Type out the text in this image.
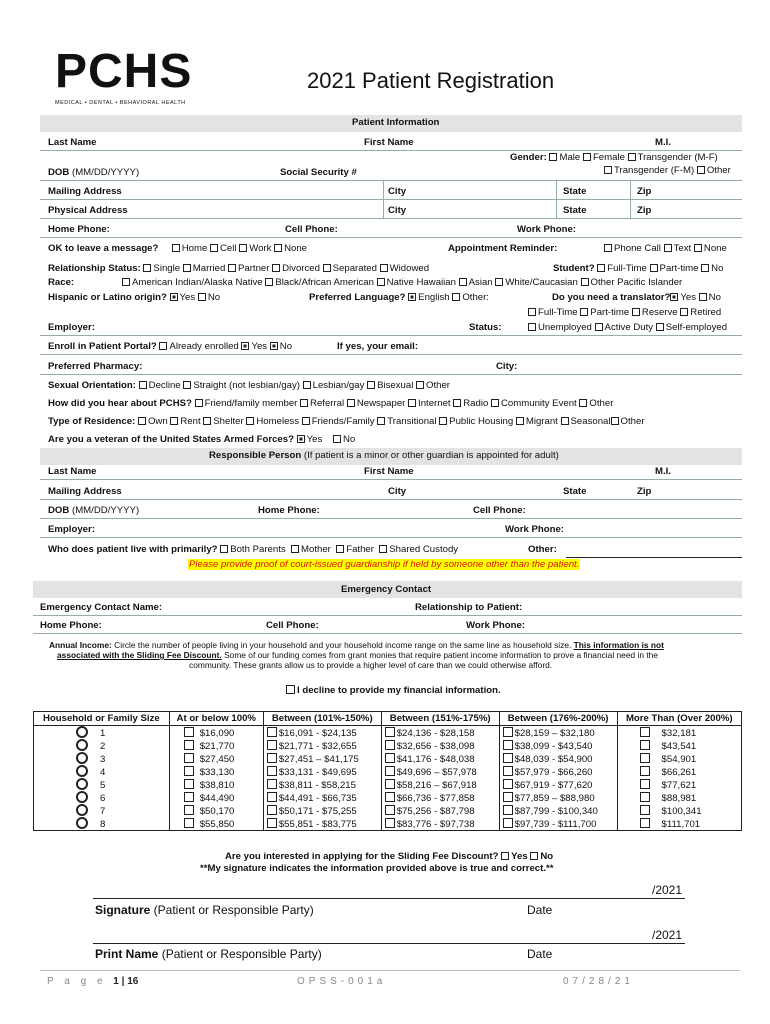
PCHS
MEDICAL • DENTAL • BEHAVIORAL HEALTH
2021 Patient Registration
Patient Information
Last Name	First Name	M.I.
Gender: Male Female Transgender (M-F)
Transgender (F-M) Other
DOB (MM/DD/YYYY)	Social Security #
Mailing Address	City	State	Zip
Physical Address	City	State	Zip
Home Phone:	Cell Phone:	Work Phone:
OK to leave a message? Home Cell Work None	Appointment Reminder:	Phone Call Text None
Relationship Status: Single Married Partner Divorced Separated Widowed	Student? Full-Time Part-time No
Race:	American Indian/Alaska Native Black/African American Native Hawaiian Asian White/Caucasian Other Pacific Islander
Hispanic or Latino origin? Yes No	Preferred Language? English Other:	Do you need a translator? Yes No
Full-Time Part-time Reserve Retired
Employer:	Status:	Unemployed Active Duty Self-employed
Enroll in Patient Portal? Already enrolled Yes No	If yes, your email:
Preferred Pharmacy:	City:
Sexual Orientation: Decline Straight (not lesbian/gay) Lesbian/gay Bisexual Other
How did you hear about PCHS? Friend/family member Referral Newspaper Internet Radio Community Event Other
Type of Residence: Own Rent Shelter Homeless Friends/Family Transitional Public Housing Migrant Seasonal Other
Are you a veteran of the United States Armed Forces? Yes No
Responsible Person (If patient is a minor or other guardian is appointed for adult)
Last Name	First Name	M.I.
Mailing Address	City	State	Zip
DOB (MM/DD/YYYY)	Home Phone:	Cell Phone:
Employer:	Work Phone:
Who does patient live with primarily? Both Parents Mother Father Shared Custody	Other:
Please provide proof of court-issued guardianship if held by someone other than the patient.
Emergency Contact
Emergency Contact Name:	Relationship to Patient:
Home Phone:	Cell Phone:	Work Phone:
Annual Income: Circle the number of people living in your household and your household income range on the same line as household size. This information is not
associated with the Sliding Fee Discount. Some of our funding comes from grant monies that require patient income information to prove a financial need in the
community. These grants allow us to provide a higher level of care than we could otherwise afford.
I decline to provide my financial information.
Household or Family Size	At or below 100%	Between (101%-150%)	Between (151%-175%)	Between (176%-200%)	More Than (Over 200%)
1	$16,090	$16,091 - $24,135	$24,136 - $28,158	$28,159 – $32,180	$32,181
2	$21,770	$21,771 - $32,655	$32,656 - $38,098	$38,099 - $43,540	$43,541
3	$27,450	$27,451 – $41,175	$41,176 - $48,038	$48,039 - $54,900	$54,901
4	$33,130	$33,131 - $49,695	$49,696 – $57,978	$57,979 - $66,260	$66,261
5	$38,810	$38,811 - $58,215	$58,216 – $67,918	$67,919 - $77,620	$77,621
6	$44,490	$44,491 - $66,735	$66,736 - $77,858	$77,859 – $88,980	$88,981
7	$50,170	$50,171 - $75,255	$75,256 - $87,798	$87,799 - $100,340	$100,341
8	$55,850	$55,851 - $83,775	$83,776 - $97,738	$97,739 - $111,700	$111,701
Are you interested in applying for the Sliding Fee Discount? Yes No
**My signature indicates the information provided above is true and correct.**
/2021
Signature (Patient or Responsible Party)	Date
/2021
Print Name (Patient or Responsible Party)	Date
P a g e 1 | 16	OPSS-001a	07/28/21
